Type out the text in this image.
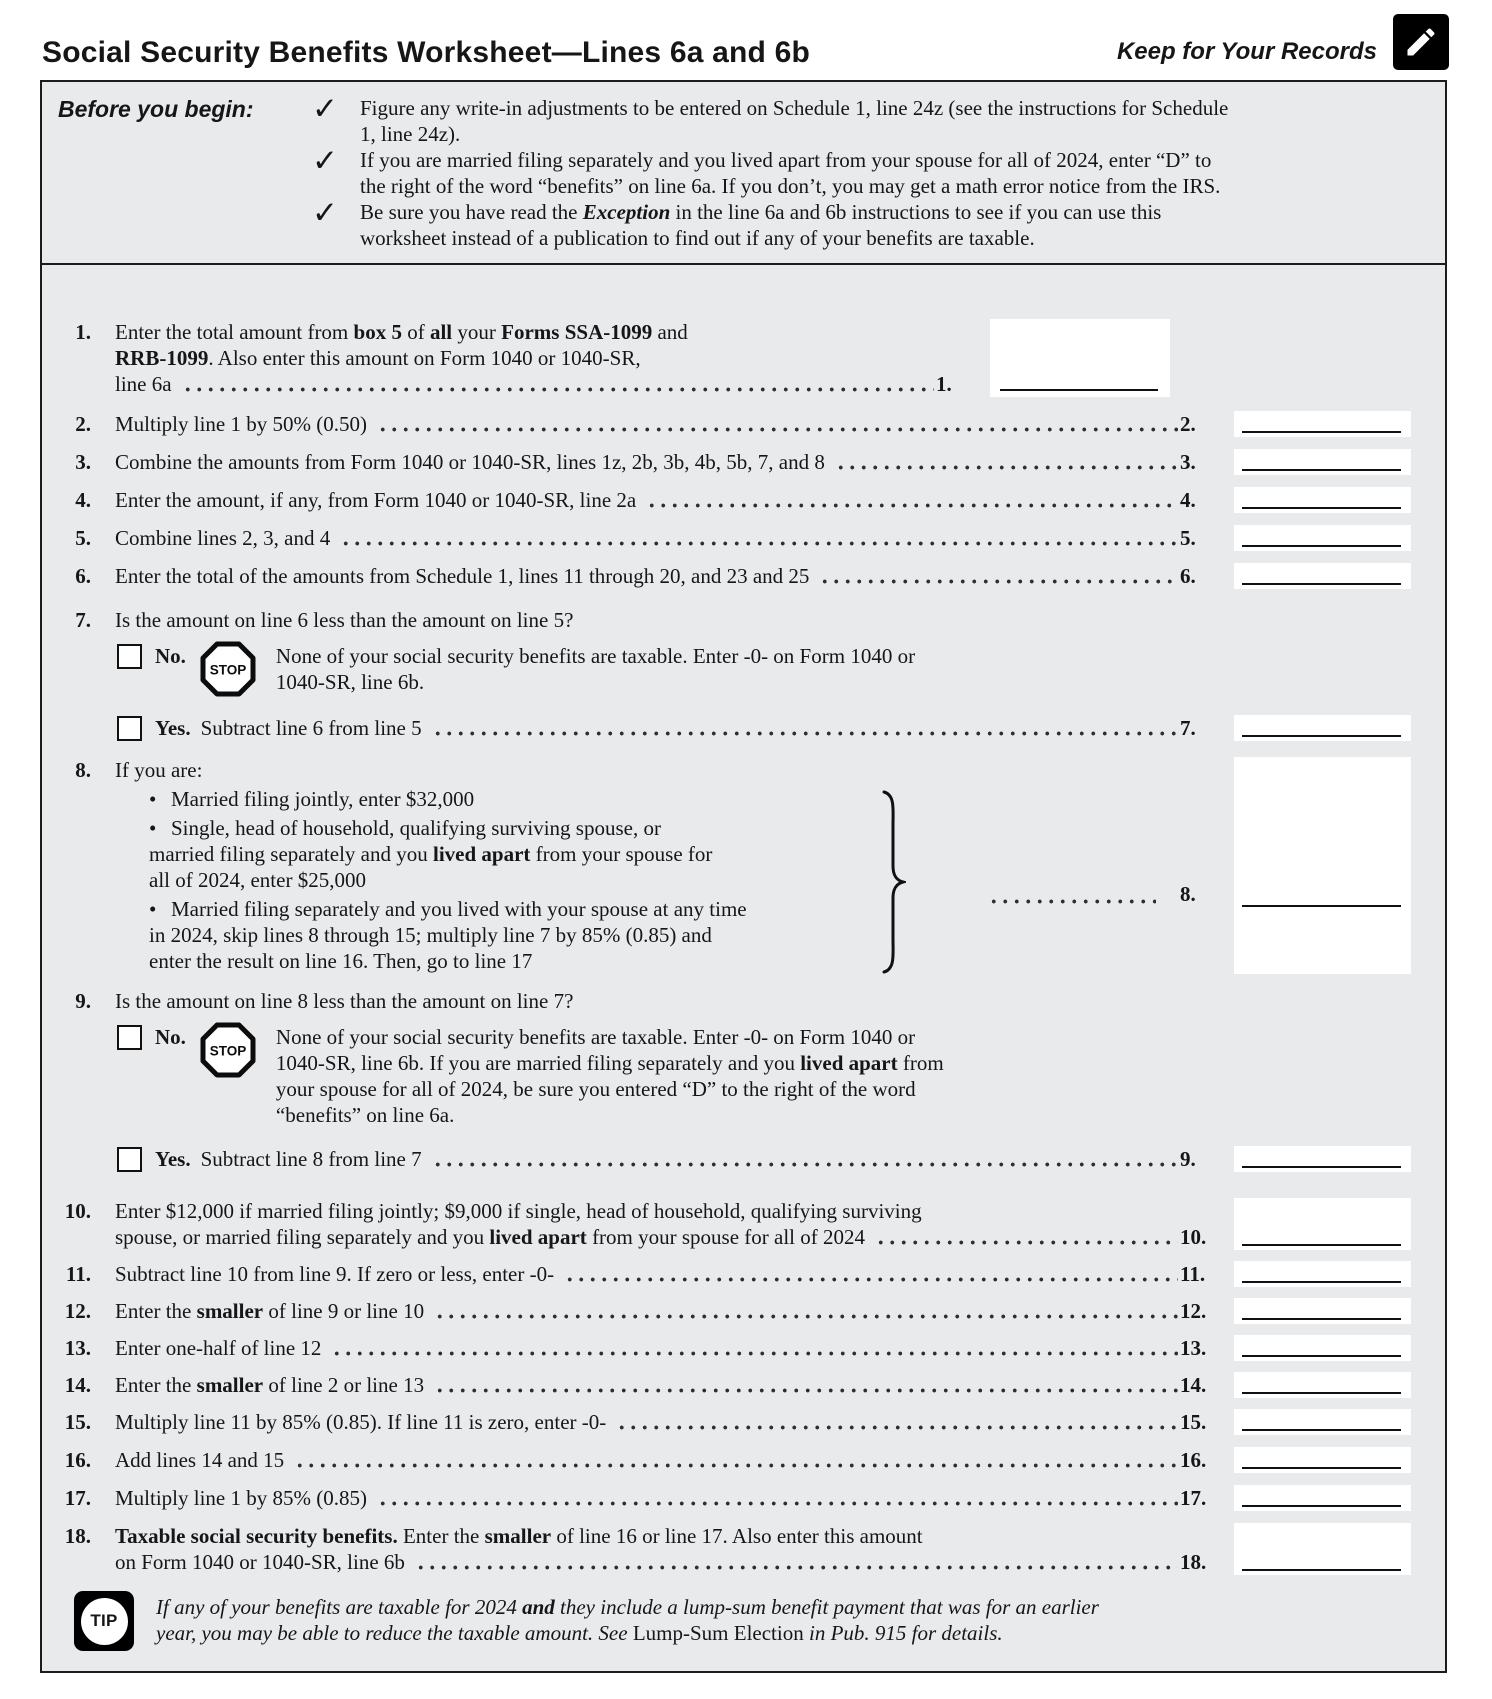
Social Security Benefits Worksheet—Lines 6a and 6b	Keep for Your Records
Before you begin:	✓ Figure any write-in adjustments to be entered on Schedule 1, line 24z (see the instructions for Schedule
1, line 24z).
✓ If you are married filing separately and you lived apart from your spouse for all of 2024, enter “D” to
the right of the word “benefits” on line 6a. If you don’t, you may get a math error notice from the IRS.
✓ Be sure you have read the Exception in the line 6a and 6b instructions to see if you can use this
worksheet instead of a publication to find out if any of your benefits are taxable.
1.	Enter the total amount from box 5 of all your Forms SSA-1099 and
RRB-1099. Also enter this amount on Form 1040 or 1040-SR,
line 6a	1.
2.	Multiply line 1 by 50% (0.50)	2.
3.	Combine the amounts from Form 1040 or 1040-SR, lines 1z, 2b, 3b, 4b, 5b, 7, and 8	3.
4.	Enter the amount, if any, from Form 1040 or 1040-SR, line 2a	4.
5.	Combine lines 2, 3, and 4	5.
6.	Enter the total of the amounts from Schedule 1, lines 11 through 20, and 23 and 25	6.
7.	Is the amount on line 6 less than the amount on line 5?
No.
STOP
None of your social security benefits are taxable. Enter -0- on Form 1040 or
1040-SR, line 6b.
Yes. Subtract line 6 from line 5	7.
8.	If you are:
• Married filing jointly, enter $32,000
• Single, head of household, qualifying surviving spouse, or
married filing separately and you lived apart from your spouse for
all of 2024, enter $25,000
• Married filing separately and you lived with your spouse at any time
in 2024, skip lines 8 through 15; multiply line 7 by 85% (0.85) and
enter the result on line 16. Then, go to line 17
8.
9.	Is the amount on line 8 less than the amount on line 7?
No.
STOP
None of your social security benefits are taxable. Enter -0- on Form 1040 or
1040-SR, line 6b. If you are married filing separately and you lived apart from
your spouse for all of 2024, be sure you entered “D” to the right of the word
“benefits” on line 6a.
Yes. Subtract line 8 from line 7	9.
10.	Enter $12,000 if married filing jointly; $9,000 if single, head of household, qualifying surviving
spouse, or married filing separately and you lived apart from your spouse for all of 2024	10.
11.	Subtract line 10 from line 9. If zero or less, enter -0-	11.
12.	Enter the smaller of line 9 or line 10	12.
13.	Enter one-half of line 12	13.
14.	Enter the smaller of line 2 or line 13	14.
15.	Multiply line 11 by 85% (0.85). If line 11 is zero, enter -0-	15.
16.	Add lines 14 and 15	16.
17.	Multiply line 1 by 85% (0.85)	17.
18.	Taxable social security benefits. Enter the smaller of line 16 or line 17. Also enter this amount
on Form 1040 or 1040-SR, line 6b	18.
TIP
If any of your benefits are taxable for 2024 and they include a lump-sum benefit payment that was for an earlier
year, you may be able to reduce the taxable amount. See Lump-Sum Election in Pub. 915 for details.
